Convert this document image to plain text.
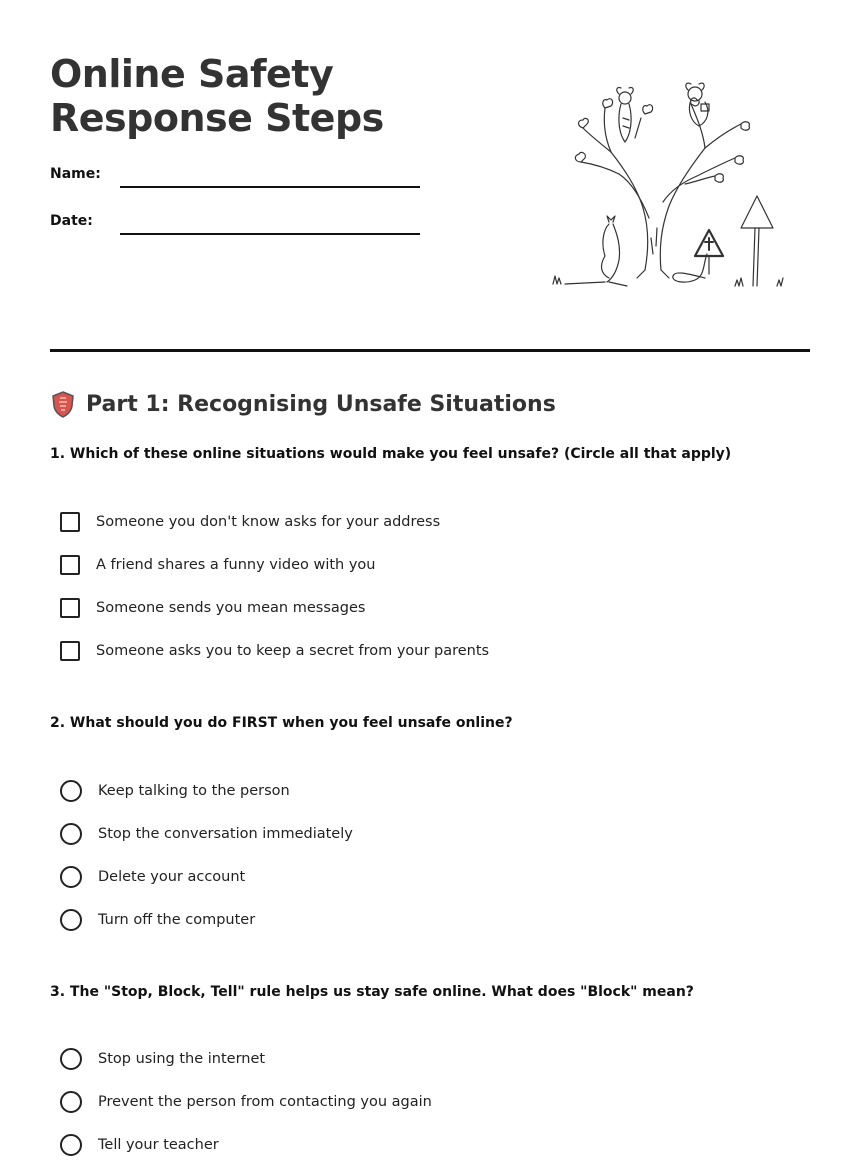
Online Safety Response Steps
Name:
Date:
Part 1: Recognising Unsafe Situations
1. Which of these online situations would make you feel unsafe? (Circle all that apply)
Someone you don't know asks for your address
A friend shares a funny video with you
Someone sends you mean messages
Someone asks you to keep a secret from your parents
2. What should you do FIRST when you feel unsafe online?
Keep talking to the person
Stop the conversation immediately
Delete your account
Turn off the computer
3. The "Stop, Block, Tell" rule helps us stay safe online. What does "Block" mean?
Stop using the internet
Prevent the person from contacting you again
Tell your teacher
